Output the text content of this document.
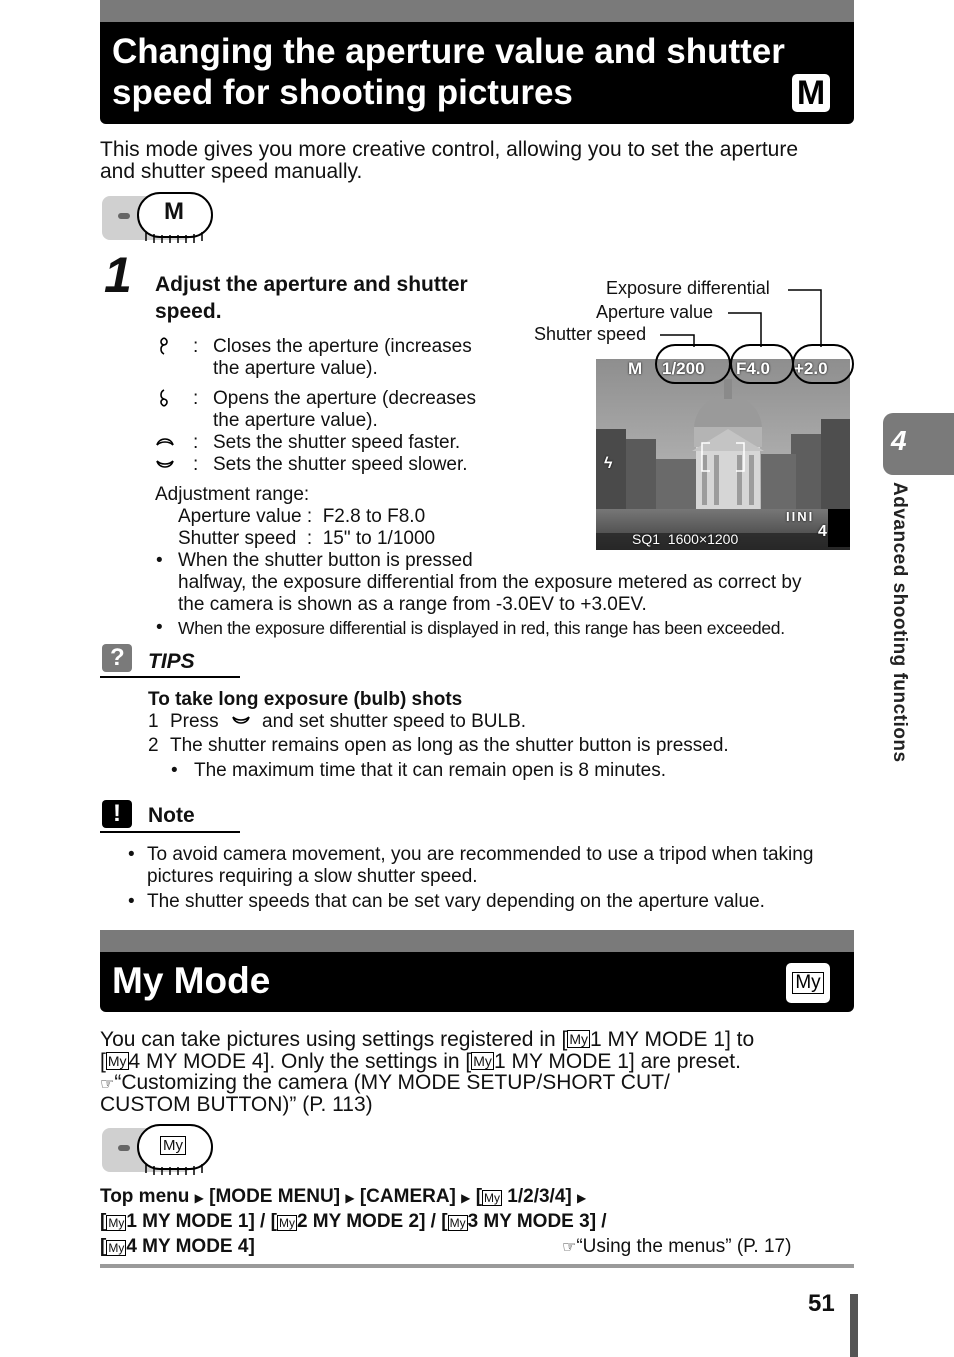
Changing the aperture value and shutter
speed for shooting pictures	M

This mode gives you more creative control, allowing you to set the aperture

and shutter speed manually.

M
1 Adjust the aperture and shutter
speed.
: Closes the aperture (increases
the aperture value).
: Opens the aperture (decreases
the aperture value).
: Sets the shutter speed faster.
: Sets the shutter speed slower.
Adjustment range:
Aperture value :  F2.8 to F8.0
Shutter speed  :  15" to 1/1000
• When the shutter button is pressed
halfway, the exposure differential from the exposure metered as correct by
the camera is shown as a range from -3.0EV to +3.0EV.
• When the exposure differential is displayed in red, this range has been exceeded.
Exposure differential
Aperture value
Shutter speed
M 1/200 F4.0 +2.0
ϟ
IINI
SQ1  1600×1200	4
? TIPS
To take long exposure (bulb) shots
1 Press and set shutter speed to BULB.
2 The shutter remains open as long as the shutter button is pressed.
• The maximum time that it can remain open is 8 minutes.
! Note
• To avoid camera movement, you are recommended to use a tripod when taking
pictures requiring a slow shutter speed.
• The shutter speeds that can be set vary depending on the aperture value.
My Mode	My
You can take pictures using settings registered in [ My1 MY MODE 1] to
[ My4 MY MODE 4]. Only the settings in [ My1 MY MODE 1] are preset.
☞“Customizing the camera (MY MODE SETUP/SHORT CUT/
CUSTOM BUTTON)” (P. 113)
My
Top menu ▶ [MODE MENU] ▶ [CAMERA] ▶ [ My 1/2/3/4] ▶
[ My 1 MY MODE 1] / [ My 2 MY MODE 2] / [ My 3 MY MODE 3] /
[ My 4 MY MODE 4]	☞“Using the menus” (P. 17)
4
Advanced shooting functions
51
